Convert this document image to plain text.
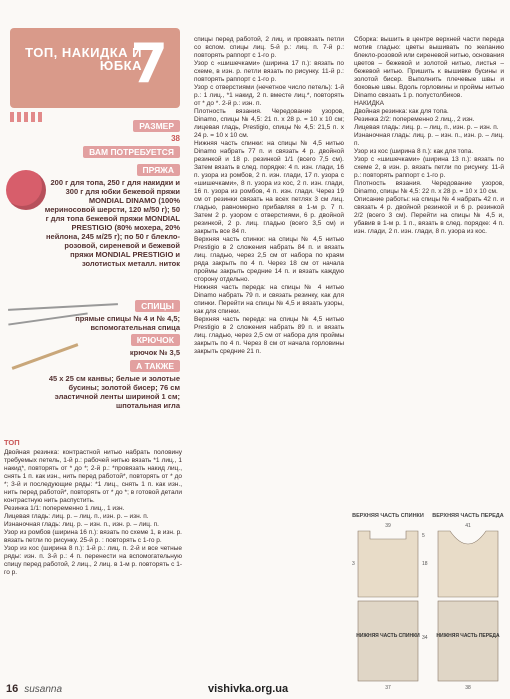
ТОП, НАКИДКА И ЮБКА
7
РАЗМЕР
38
ВАМ ПОТРЕБУЕТСЯ
ПРЯЖА
200 г для топа, 250 г для накидки и 300 г для юбки бежевой пряжи MONDIAL DINAMO (100% мериносовой шерсти, 120 м/50 г); 50 г для топа бежевой пряжи MONDIAL PRESTIGIO (80% мохера, 20% нейлона, 245 м/25 г); по 50 г блекло-розовой, сиреневой и бежевой пряжи MONDIAL PRESTIGIO и золотистых металл. ниток
СПИЦЫ
прямые спицы № 4 и № 4,5; вспомогательная спица
КРЮЧОК
крючок № 3,5
А ТАКЖЕ
45 х 25 см канвы; белые и золотые бусины; золотой бисер; 76 см эластичной ленты шириной 1 см; шпотальная игла
ТОП
Двойная резинка: контрастной нитью набрать половину требуемых петель, 1-й р.: рабочей нитью вязать *1 лиц., 1 накид*, повторять от * до *; 2-й р.: *провязать накид лиц., снять 1 п. как изн., нить перед работой*, повторять от * до *; 3-й и последующие ряды: *1 лиц., снять 1 п. как изн., нить перед работой*, повторять от * до *; в готовой детали контрастную нить распустить.
Резинка 1/1: попеременно 1 лиц., 1 изн.
Лицевая гладь: лиц. р. – лиц. п., изн. р. – изн. п.
Изнаночная гладь: лиц. р. – изн. п., изн. р. – лиц. п.
Узор из ромбов (ширина 16 п.): вязать по схеме 1, в изн. р. вязать петли по рисунку. 25-й р. : повторять с 1-го р.
Узор из кос (ширина 8 п.): 1-й р.: лиц. п. 2-й и все четные ряды: изн. п. 3-й р.: 4 п. перенести на вспомогательную спицу перед работой, 2 лиц., 2 лиц. в 1-м р. повторять с 1-го р.
16 susanna
спицы перед работой, 2 лиц. и провязать петли со вспом. спицы лиц. 5-й р.: лиц. п. 7-й р.: повторять раппорт с 1-го р.
Узор с «шишечками» (ширина 17 п.): вязать по схеме, в изн. р. петли вязать по рисунку. 11-й р.: повторять раппорт с 1-го р.
Узор с отверстиями (нечетное число петель): 1-й р.: 1 лиц., *1 накид, 2 п. вместе лиц.*, повторять от * до *. 2-й р.: изн. п.
Плотность вязания. Чередование узоров, Dinamo, спицы № 4,5: 21 п. х 28 р. = 10 х 10 см; лицевая гладь, Prestigio, спицы № 4,5: 21,5 п. х 24 р. = 10 х 10 см.
Нижняя часть спинки: на спицы № 4,5 нитью Dinamo набрать 77 п. и связать 4 р. двойной резинкой и 18 р. резинкой 1/1 (всего 7,5 см). Затем вязать в след. порядке: 4 п. изн. глади, 16 п. узора из ромбов, 2 п. изн. глади, 17 п. узора с «шишечками», 8 п. узора из кос, 2 п. изн. глади, 16 п. узора из ромбов, 4 п. изн. глади. Через 19 см от резинки связать на всех петлях 3 см лиц. гладью, равномерно прибавляя в 1-м р. 7 п. Затем 2 р. узором с отверстиями, 6 р. двойной резинкой, 2 р. лиц. гладью (всего 3,5 см) и закрыть все 84 п.
Верхняя часть спинки: на спицы № 4,5 нитью Prestigio в 2 сложения набрать 84 п. и вязать лиц. гладью, через 2,5 см от набора по краям ряда закрыть по 4 п. Через 18 см от начала проймы закрыть средние 14 п. и вязать каждую сторону отдельно.
Нижняя часть переда: на спицы № 4 нитью Dinamo набрать 79 п. и связать резинку, как для спинки. Перейти на спицы № 4,5 и вязать узоры, как для спинки.
Верхняя часть переда: на спицы № 4,5 нитью Prestigio в 2 сложения набрать 89 п. и вязать лиц. гладью, через 2,5 см от набора для проймы закрыть по 4 п. Через 8 см от начала горловины закрыть средние 21 п.
Сборка: вышить в центре верхней части переда мотив гладью: цветы вышивать по желанию блекло-розовой или сиреневой нитью, основания цветов – бежевой и золотой нитью, листья – бежевой нитью. Пришить к вышивке бусины и золотой бисер. Выполнить плечевые швы и боковые швы. Вдоль горловины и проймы нитью Dinamo связать 1 р. полустолбиков.
НАКИДКА
Двойная резинка: как для топа.
Резинка 2/2: попеременно 2 лиц., 2 изн.
Лицевая гладь: лиц. р. – лиц. п., изн. р. – изн. п.
Изнаночная гладь: лиц. р. – изн. п., изн. р. – лиц. п.
Узор из кос (ширина 8 п.): как для топа.
Узор с «шишечками» (ширина 13 п.): вязать по схеме 2, в изн. р. вязать петли по рисунку. 11-й р.: повторять раппорт с 1-го р.
Плотность вязания. Чередование узоров, Dinamo, спицы № 4,5: 22 п. х 28 р. = 10 х 10 см.
Описание работы: на спицы № 4 набрать 42 п. и связать 4 р. двойной резинкой и 6 р. резинкой 2/2 (всего 3 см). Перейти на спицы № 4,5 и, убавив в 1-м р. 1 п., вязать в след. порядке: 4 п. изн. глади, 2 п. изн. глади, 8 п. узора из кос.
ВЕРХНЯЯ ЧАСТЬ СПИНКИ ВЕРХНЯЯ ЧАСТЬ ПЕРЕДА
НИЖНЯЯ ЧАСТЬ СПИНКИ	НИЖНЯЯ ЧАСТЬ ПЕРЕДА
39
5
3	18
41
34
37	38
vishivka.org.ua
